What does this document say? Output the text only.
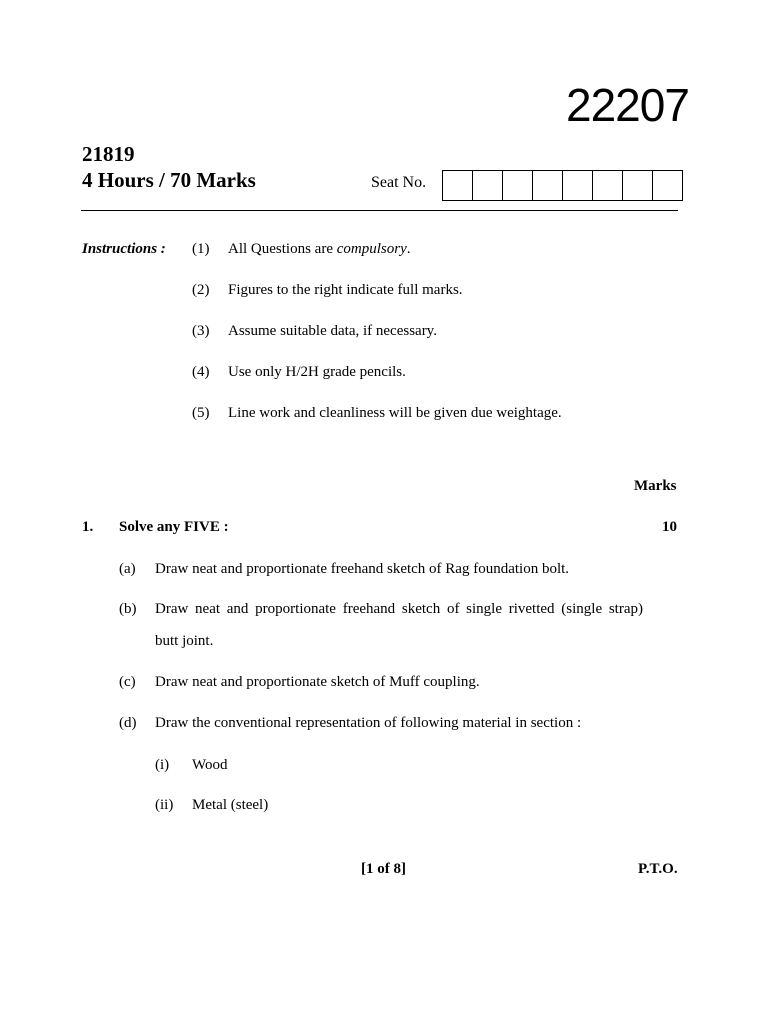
22207
21819
4 Hours / 70 Marks	Seat No.
Instructions : (1) All Questions are compulsory.
(2) Figures to the right indicate full marks.
(3) Assume suitable data, if necessary.
(4) Use only H/2H grade pencils.
(5) Line work and cleanliness will be given due weightage.
Marks
1. Solve any FIVE :	10
(a) Draw neat and proportionate freehand sketch of Rag foundation bolt.
(b) Draw neat and proportionate freehand sketch of single rivetted (single strap)
butt joint.
(c) Draw neat and proportionate sketch of Muff coupling.
(d) Draw the conventional representation of following material in section :
(i) Wood
(ii) Metal (steel)
[1 of 8]	P.T.O.
